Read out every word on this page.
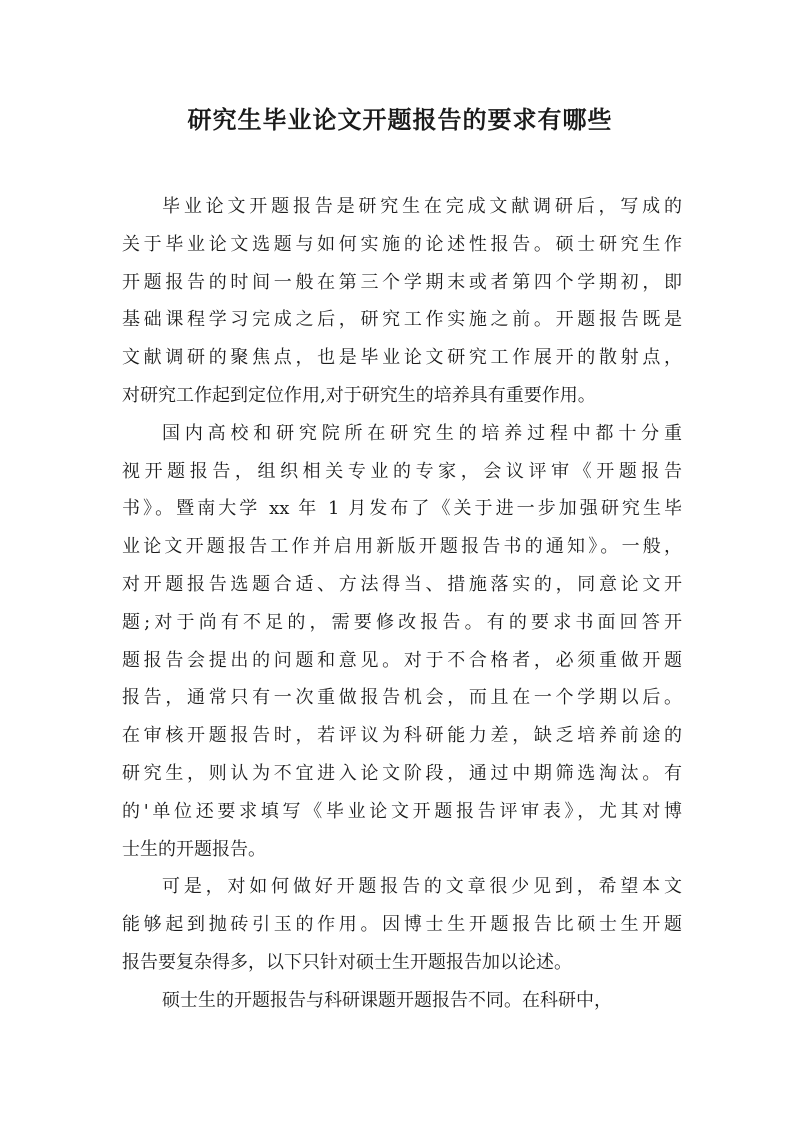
研究生毕业论文开题报告的要求有哪些
毕业论文开题报告是研究生在完成文献调研后，写成的
关于毕业论文选题与如何实施的论述性报告。硕士研究生作
开题报告的时间一般在第三个学期末或者第四个学期初，即
基础课程学习完成之后，研究工作实施之前。开题报告既是
文献调研的聚焦点，也是毕业论文研究工作展开的散射点，
对研究工作起到定位作用,对于研究生的培养具有重要作用。
国内高校和研究院所在研究生的培养过程中都十分重
视开题报告，组织相关专业的专家，会议评审《开题报告
书》。暨南大学 xx 年 1 月发布了《关于进一步加强研究生毕
业论文开题报告工作并启用新版开题报告书的通知》。一般，
对开题报告选题合适、方法得当、措施落实的，同意论文开
题;对于尚有不足的，需要修改报告。有的要求书面回答开
题报告会提出的问题和意见。对于不合格者，必须重做开题
报告，通常只有一次重做报告机会，而且在一个学期以后。
在审核开题报告时，若评议为科研能力差，缺乏培养前途的
研究生，则认为不宜进入论文阶段，通过中期筛选淘汰。有
的'单位还要求填写《毕业论文开题报告评审表》，尤其对博
士生的开题报告。
可是，对如何做好开题报告的文章很少见到，希望本文
能够起到抛砖引玉的作用。因博士生开题报告比硕士生开题
报告要复杂得多，以下只针对硕士生开题报告加以论述。
硕士生的开题报告与科研课题开题报告不同。在科研中，
